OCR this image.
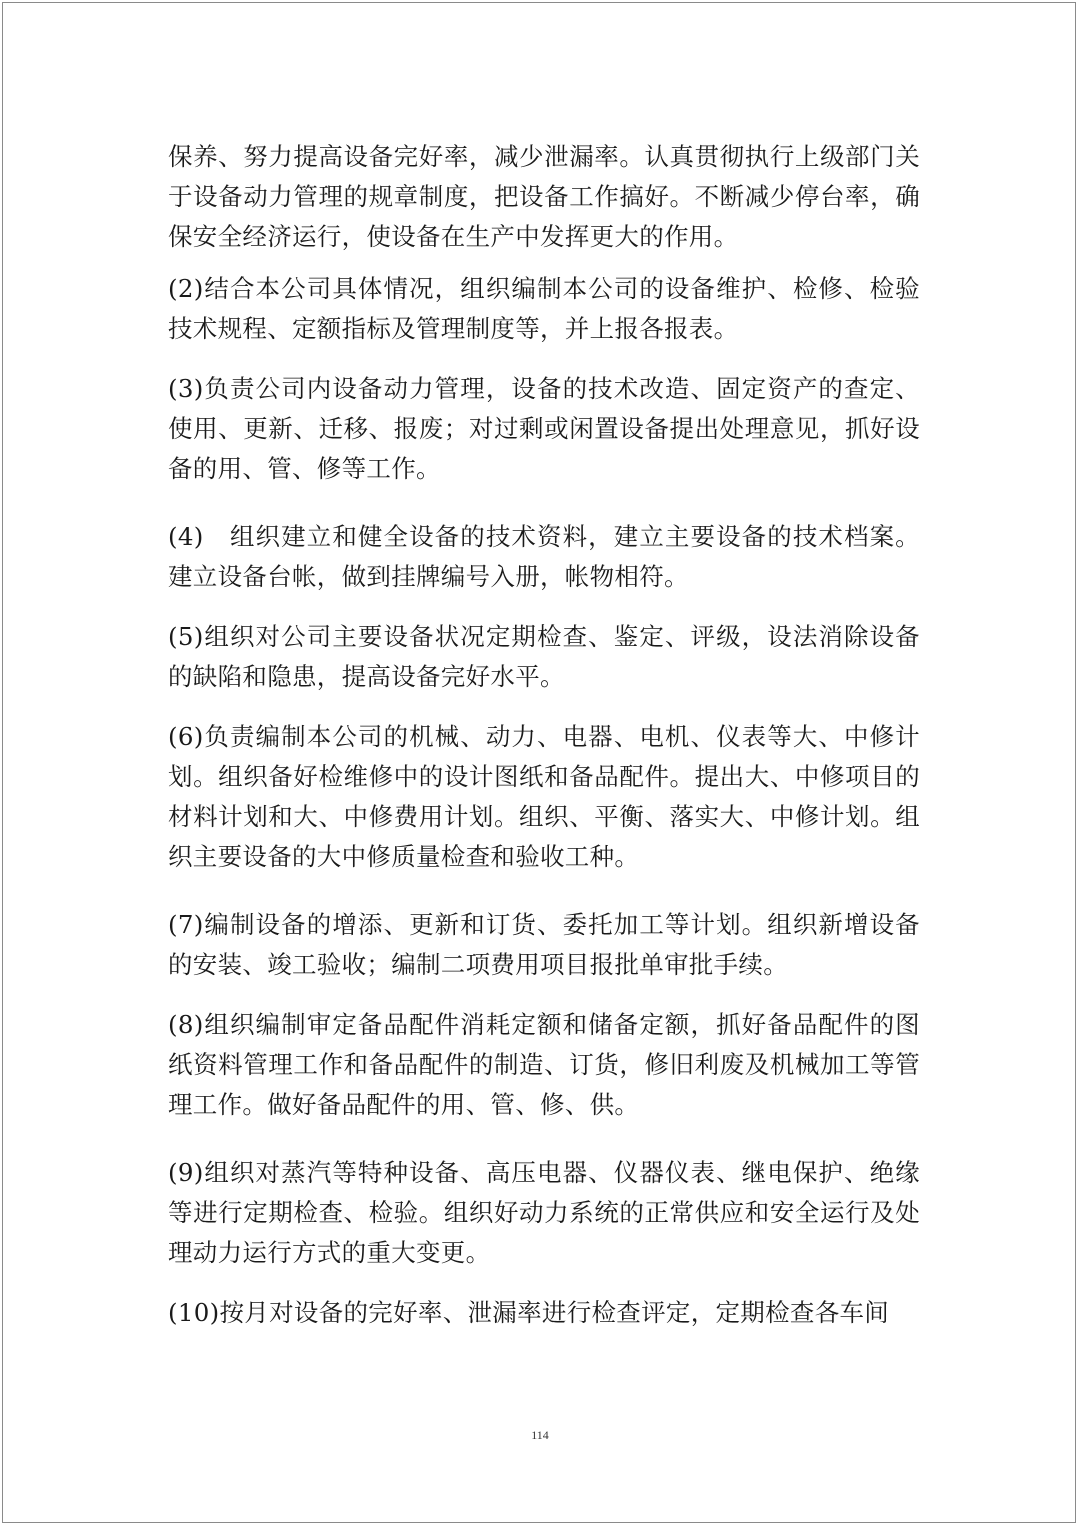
保养、努力提高设备完好率，减少泄漏率。认真贯彻执行上级部门关于设备动力管理的规章制度，把设备工作搞好。不断减少停台率，确保安全经济运行，使设备在生产中发挥更大的作用。

(2)结合本公司具体情况，组织编制本公司的设备维护、检修、检验技术规程、定额指标及管理制度等，并上报各报表。

(3)负责公司内设备动力管理，设备的技术改造、固定资产的查定、使用、更新、迁移、报废；对过剩或闲置设备提出处理意见，抓好设备的用、管、修等工作。

(4)　组织建立和健全设备的技术资料，建立主要设备的技术档案。建立设备台帐，做到挂牌编号入册，帐物相符。

(5)组织对公司主要设备状况定期检查、鉴定、评级，设法消除设备的缺陷和隐患，提高设备完好水平。

(6)负责编制本公司的机械、动力、电器、电机、仪表等大、中修计划。组织备好检维修中的设计图纸和备品配件。提出大、中修项目的材料计划和大、中修费用计划。组织、平衡、落实大、中修计划。组织主要设备的大中修质量检查和验收工种。

(7)编制设备的增添、更新和订货、委托加工等计划。组织新增设备的安装、竣工验收；编制二项费用项目报批单审批手续。

(8)组织编制审定备品配件消耗定额和储备定额，抓好备品配件的图纸资料管理工作和备品配件的制造、订货，修旧利废及机械加工等管理工作。做好备品配件的用、管、修、供。

(9)组织对蒸汽等特种设备、高压电器、仪器仪表、继电保护、绝缘等进行定期检查、检验。组织好动力系统的正常供应和安全运行及处理动力运行方式的重大变更。

(10)按月对设备的完好率、泄漏率进行检查评定，定期检查各车间

114
